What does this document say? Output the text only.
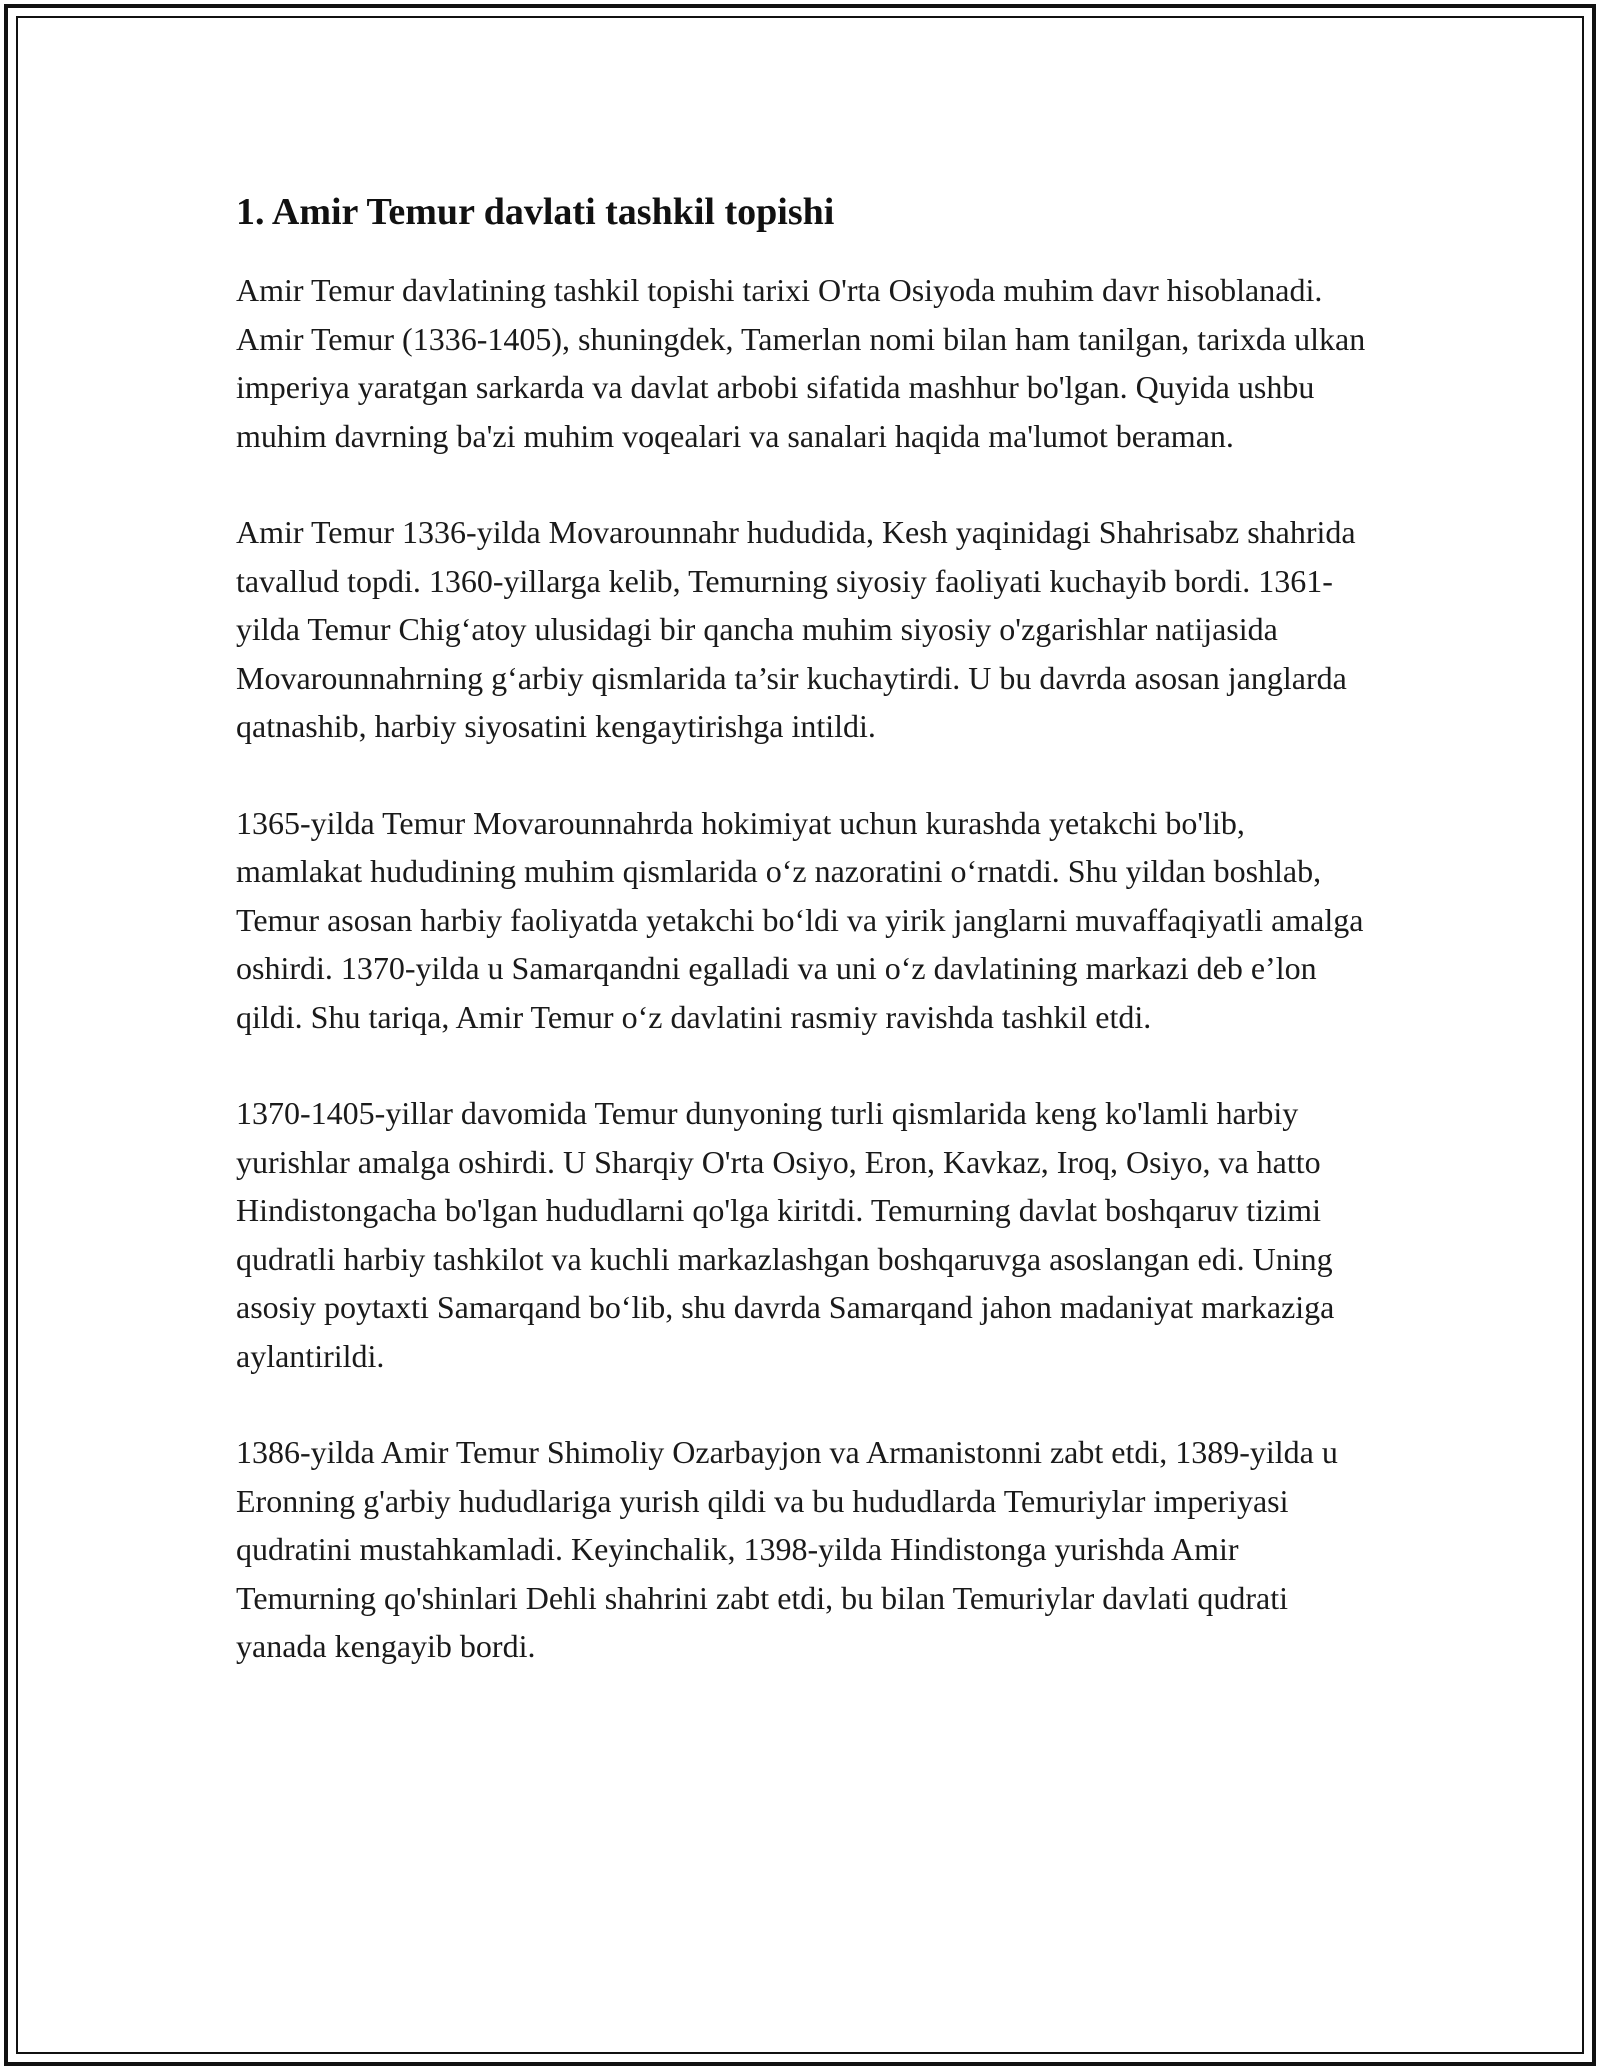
1. Amir Temur davlati tashkil topishi

Amir Temur davlatining tashkil topishi tarixi O'rta Osiyoda muhim davr hisoblanadi. Amir Temur (1336-1405), shuningdek, Tamerlan nomi bilan ham tanilgan, tarixda ulkan imperiya yaratgan sarkarda va davlat arbobi sifatida mashhur bo'lgan. Quyida ushbu muhim davrning ba'zi muhim voqealari va sanalari haqida ma'lumot beraman.

Amir Temur 1336-yilda Movarounnahr hududida, Kesh yaqinidagi Shahrisabz shahrida tavallud topdi. 1360-yillarga kelib, Temurning siyosiy faoliyati kuchayib bordi. 1361-yilda Temur Chig‘atoy ulusidagi bir qancha muhim siyosiy o'zgarishlar natijasida Movarounnahrning g‘arbiy qismlarida ta’sir kuchaytirdi. U bu davrda asosan janglarda qatnashib, harbiy siyosatini kengaytirishga intildi.

1365-yilda Temur Movarounnahrda hokimiyat uchun kurashda yetakchi bo'lib, mamlakat hududining muhim qismlarida o‘z nazoratini o‘rnatdi. Shu yildan boshlab, Temur asosan harbiy faoliyatda yetakchi bo‘ldi va yirik janglarni muvaffaqiyatli amalga oshirdi. 1370-yilda u Samarqandni egalladi va uni o‘z davlatining markazi deb e’lon qildi. Shu tariqa, Amir Temur o‘z davlatini rasmiy ravishda tashkil etdi.

1370-1405-yillar davomida Temur dunyoning turli qismlarida keng ko'lamli harbiy yurishlar amalga oshirdi. U Sharqiy O'rta Osiyo, Eron, Kavkaz, Iroq, Osiyo, va hatto Hindistongacha bo'lgan hududlarni qo'lga kiritdi. Temurning davlat boshqaruv tizimi qudratli harbiy tashkilot va kuchli markazlashgan boshqaruvga asoslangan edi. Uning asosiy poytaxti Samarqand bo‘lib, shu davrda Samarqand jahon madaniyat markaziga aylantirildi.

1386-yilda Amir Temur Shimoliy Ozarbayjon va Armanistonni zabt etdi, 1389-yilda u Eronning g'arbiy hududlariga yurish qildi va bu hududlarda Temuriylar imperiyasi qudratini mustahkamladi. Keyinchalik, 1398-yilda Hindistonga yurishda Amir Temurning qo'shinlari Dehli shahrini zabt etdi, bu bilan Temuriylar davlati qudrati yanada kengayib bordi.
